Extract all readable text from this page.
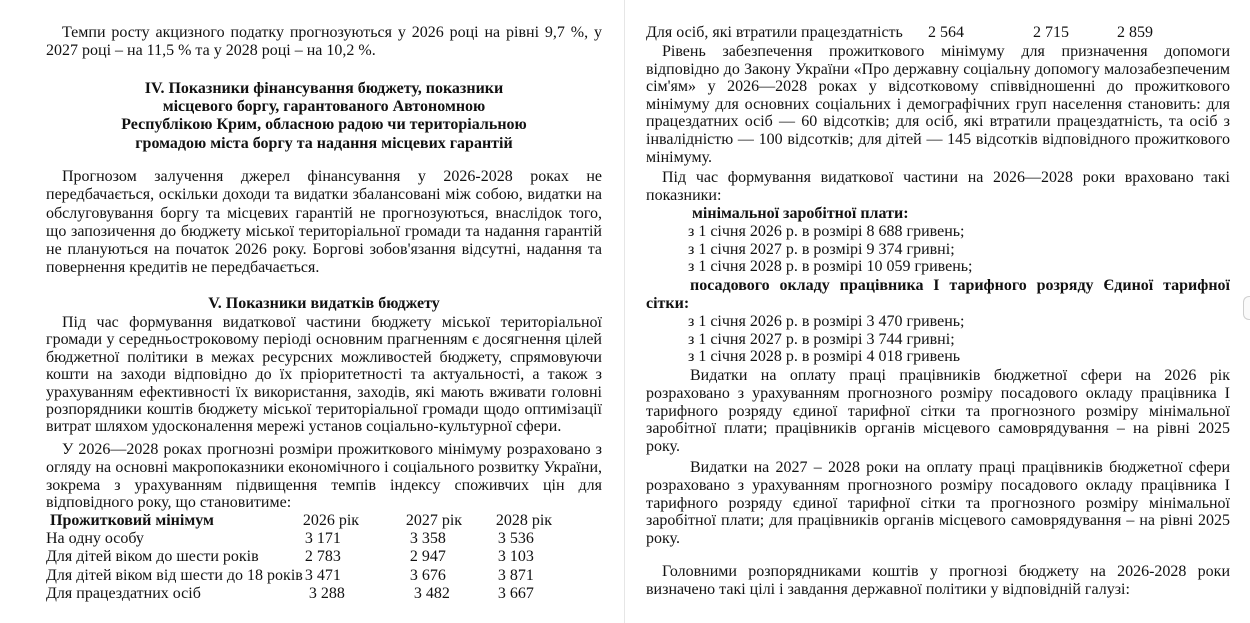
Темпи росту акцизного податку прогнозуються у 2026 році на рівні 9,7 %, у 2027 році – на 11,5 % та у 2028 році – на 10,2 %.

IV. Показники фінансування бюджету, показники

місцевого боргу, гарантованого Автономною

Республікою Крим, обласною радою чи територіальною

громадою міста боргу та надання місцевих гарантій

Прогнозом залучення джерел фінансування у 2026-2028 роках не передбачається, оскільки доходи та видатки збалансовані між собою, видатки на обслуговування боргу та місцевих гарантій не прогнозуються, внаслідок того, що запозичення до бюджету міської територіальної громади та надання гарантій не плануються на початок 2026 року. Боргові зобов'язання відсутні, надання та повернення кредитів не передбачається.

V. Показники видатків бюджету

Під час формування видаткової частини бюджету міської територіальної громади у середньостроковому періоді основним прагненням є досягнення цілей бюджетної політики в межах ресурсних можливостей бюджету, спрямовуючи кошти на заходи відповідно до їх пріоритетності та актуальності, а також з урахуванням ефективності їх використання, заходів, які мають вживати головні розпорядники коштів бюджету міської територіальної громади щодо оптимізації витрат шляхом удосконалення мережі установ соціально-культурної сфери.

У 2026—2028 роках прогнозні розміри прожиткового мінімуму розраховано з огляду на основні макропоказники економічного і соціального розвитку України, зокрема з урахуванням підвищення темпів індексу споживчих цін для відповідного року, що становитиме:

Прожитковий мінімум	2026 рік	2027 рік	2028 рік
На одну особу	3 171	3 358	3 536
Для дітей віком до шести років	2 783	2 947	3 103
Для дітей віком від шести до 18 років	3 471	3 676	3 871
Для працездатних осіб	3 288	3 482	3 667
Для осіб, які втратили працездатність	2 564	2 715	2 859

Рівень забезпечення прожиткового мінімуму для призначення допомоги відповідно до Закону України «Про державну соціальну допомогу малозабезпеченим сім'ям» у 2026—2028 роках у відсотковому співвідношенні до прожиткового мінімуму для основних соціальних і демографічних груп населення становить: для працездатних осіб — 60 відсотків; для осіб, які втратили працездатність, та осіб з інвалідністю — 100 відсотків; для дітей — 145 відсотків відповідного прожиткового мінімуму.

Під час формування видаткової частини на 2026—2028 роки враховано такі показники:

мінімальної заробітної плати:

з 1 січня 2026 р. в розмірі 8 688 гривень;

з 1 січня 2027 р. в розмірі 9 374 гривні;

з 1 січня 2028 р. в розмірі 10 059 гривень;

посадового окладу працівника І тарифного розряду Єдиної тарифної сітки:

з 1 січня 2026 р. в розмірі 3 470 гривень;

з 1 січня 2027 р. в розмірі 3 744 гривні;

з 1 січня 2028 р. в розмірі 4 018 гривень

Видатки на оплату праці працівників бюджетної сфери на 2026 рік розраховано з урахуванням прогнозного розміру посадового окладу працівника І тарифного розряду єдиної тарифної сітки та прогнозного розміру мінімальної заробітної плати; працівників органів місцевого самоврядування – на рівні 2025 року.

Видатки на 2027 – 2028 роки на оплату праці працівників бюджетної сфери розраховано з урахуванням прогнозного розміру посадового окладу працівника І тарифного розряду єдиної тарифної сітки та прогнозного розміру мінімальної заробітної плати; для працівників органів місцевого самоврядування – на рівні 2025 року.

Головними розпорядниками коштів у прогнозі бюджету на 2026-2028 роки визначено такі цілі і завдання державної політики у відповідній галузі:
